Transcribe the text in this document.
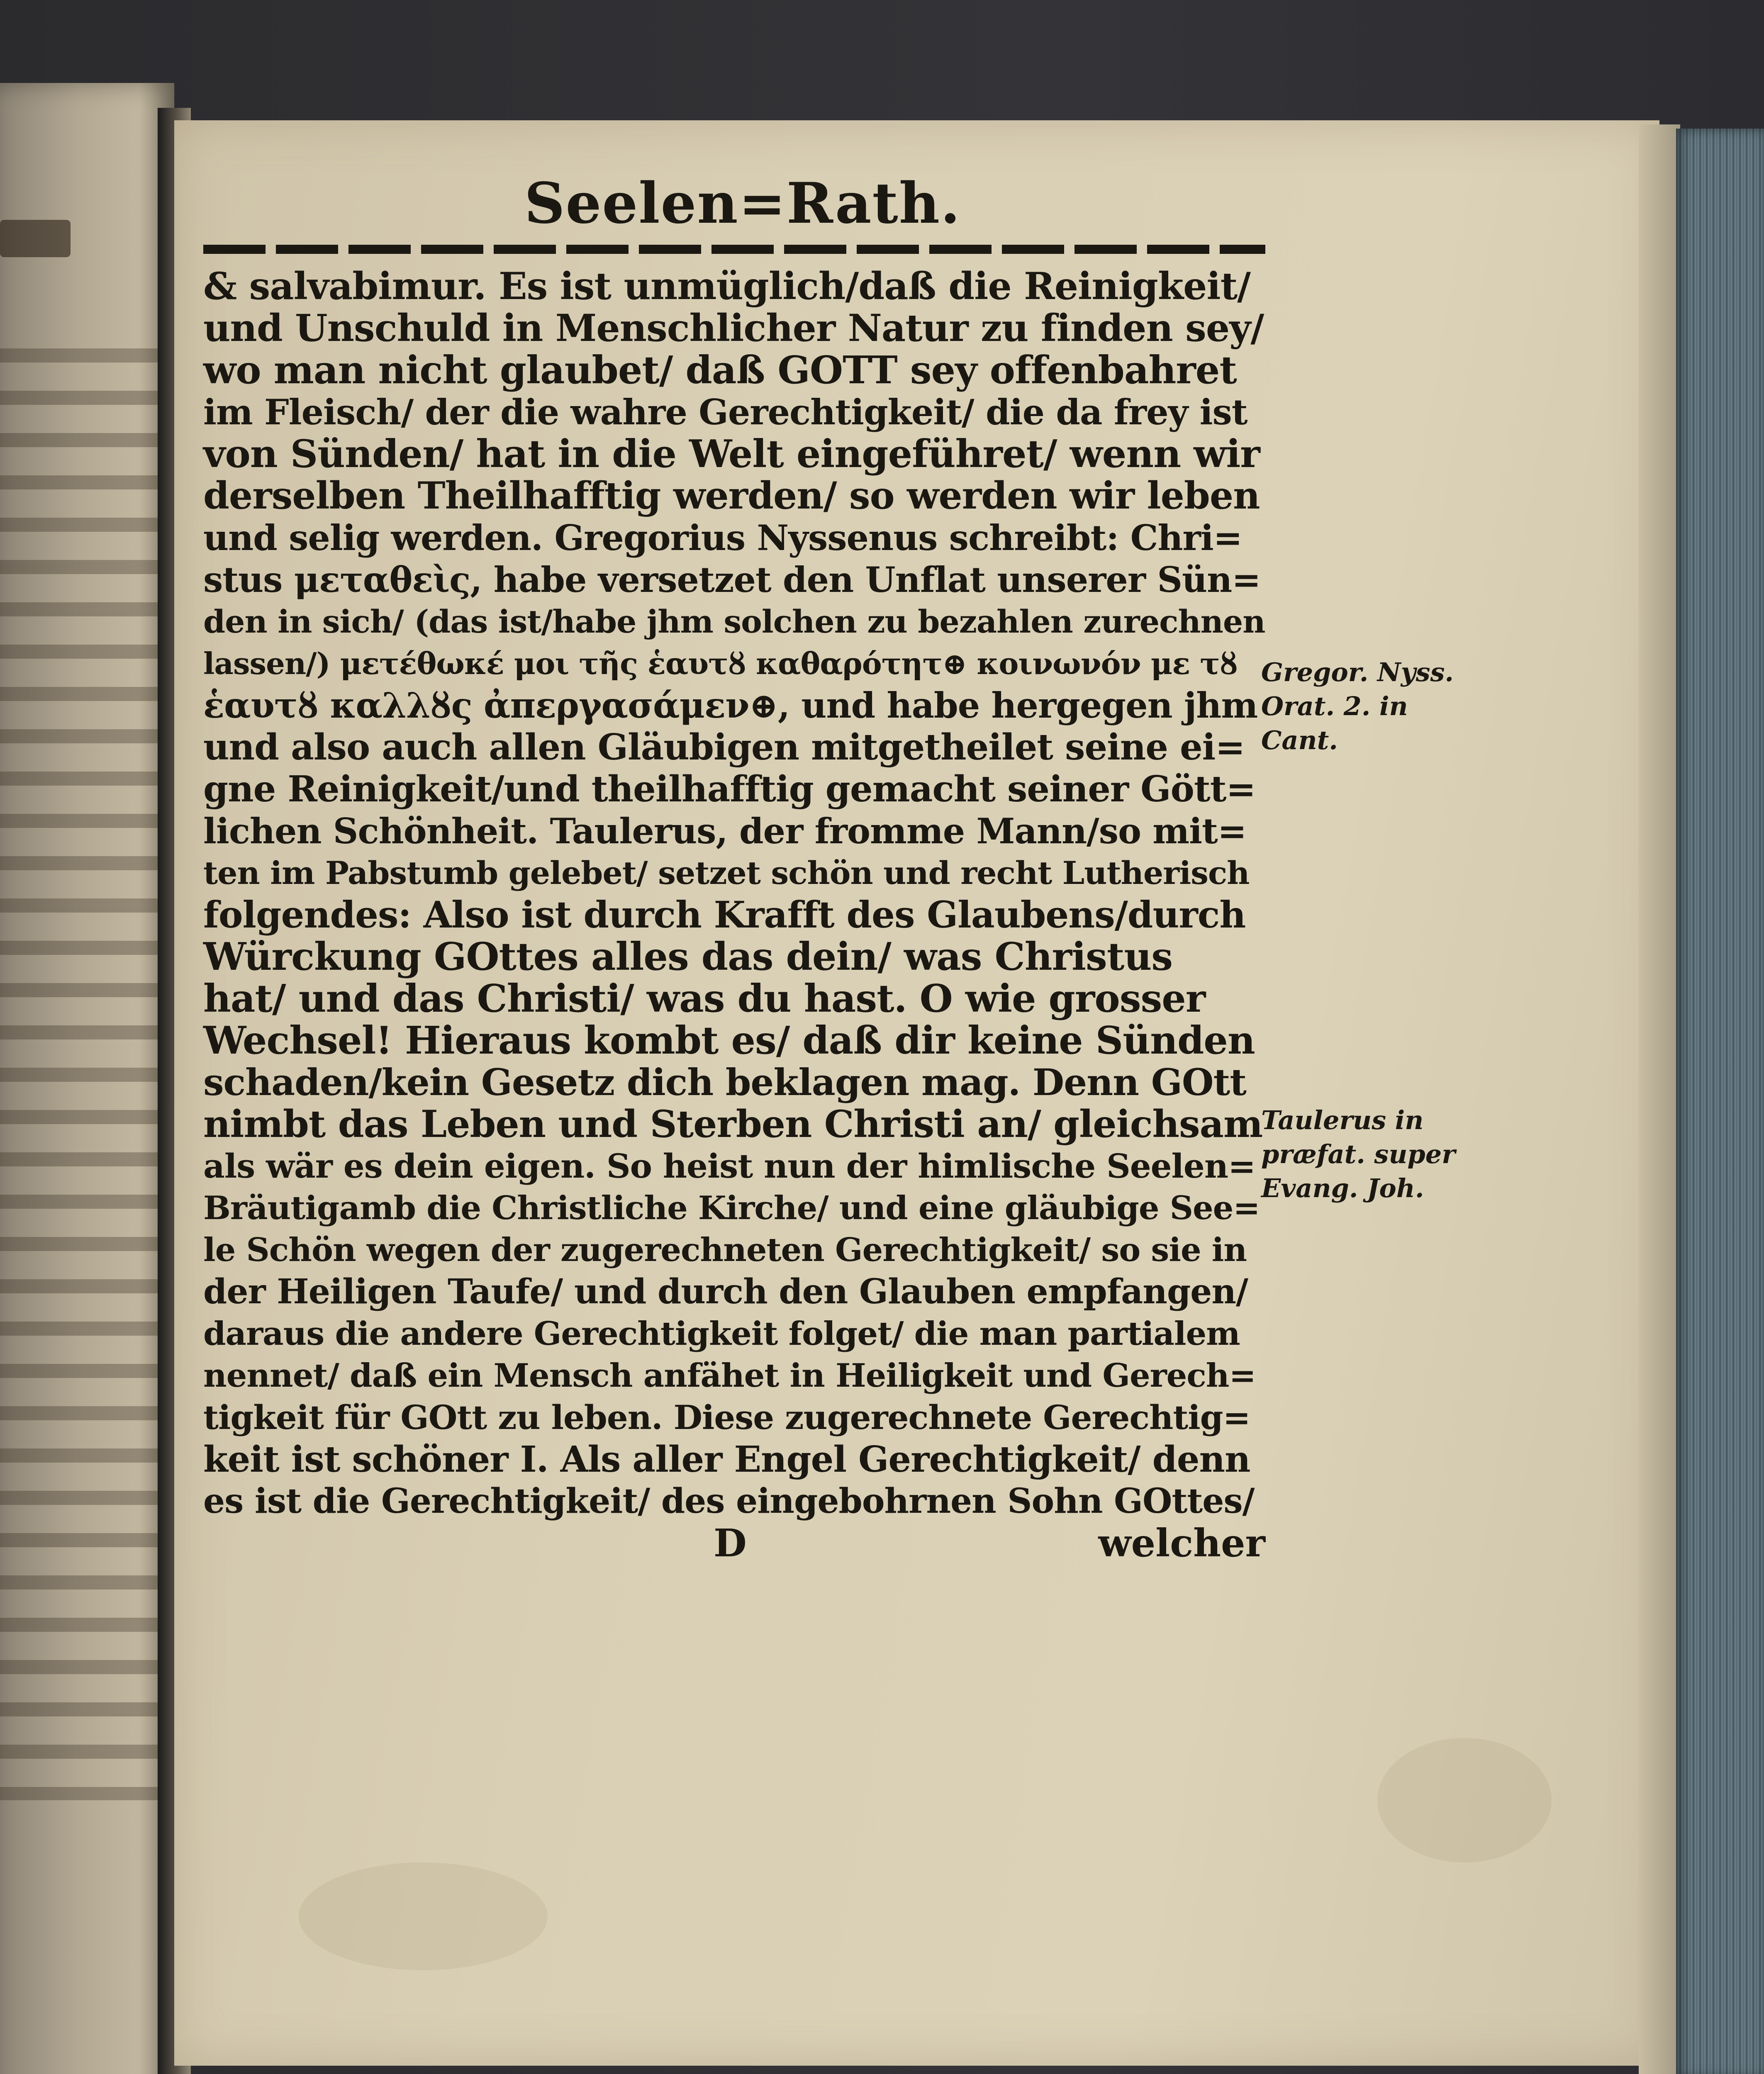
Seelen=Rath.
& salvabimur. Es ist unmüglich/daß die Reinigkeit/
und Unschuld in Menschlicher Natur zu finden sey/
wo man nicht glaubet/ daß GOTT sey offenbahret
im Fleisch/ der die wahre Gerechtigkeit/ die da frey ist
von Sünden/ hat in die Welt eingeführet/ wenn wir
derselben Theilhafftig werden/ so werden wir leben
und selig werden. Gregorius Nyssenus schreibt: Chri=
stus μεταθεὶς, habe versetzet den Unflat unserer Sün=
den in sich/ (das ist/habe jhm solchen zu bezahlen zurechnen
lassen/) μετέθωκέ μοι τῆς ἑαυτȣ καθαρότητ⊕ κοινωνόν με τȣ
ἑαυτȣ καλλȣς ἀπεργασάμεν⊕, und habe hergegen jhm
und also auch allen Gläubigen mitgetheilet seine ei=
gne Reinigkeit/und theilhafftig gemacht seiner Gött=
lichen Schönheit. Taulerus, der fromme Mann/so mit=
ten im Pabstumb gelebet/ setzet schön und recht Lutherisch
folgendes: Also ist durch Krafft des Glaubens/durch
Würckung GOttes alles das dein/ was Christus
hat/ und das Christi/ was du hast. O wie grosser
Wechsel! Hieraus kombt es/ daß dir keine Sünden
schaden/kein Gesetz dich beklagen mag. Denn GOtt
nimbt das Leben und Sterben Christi an/ gleichsam
als wär es dein eigen. So heist nun der himlische Seelen=
Bräutigamb die Christliche Kirche/ und eine gläubige See=
le Schön wegen der zugerechneten Gerechtigkeit/ so sie in
der Heiligen Taufe/ und durch den Glauben empfangen/
daraus die andere Gerechtigkeit folget/ die man partialem
nennet/ daß ein Mensch anfähet in Heiligkeit und Gerech=
tigkeit für GOtt zu leben. Diese zugerechnete Gerechtig=
keit ist schöner I. Als aller Engel Gerechtigkeit/ denn
es ist die Gerechtigkeit/ des eingebohrnen Sohn GOttes/
D	welcher
Gregor. Nyss.
Orat. 2. in
Cant.
Taulerus in
præfat. super
Evang. Joh.
